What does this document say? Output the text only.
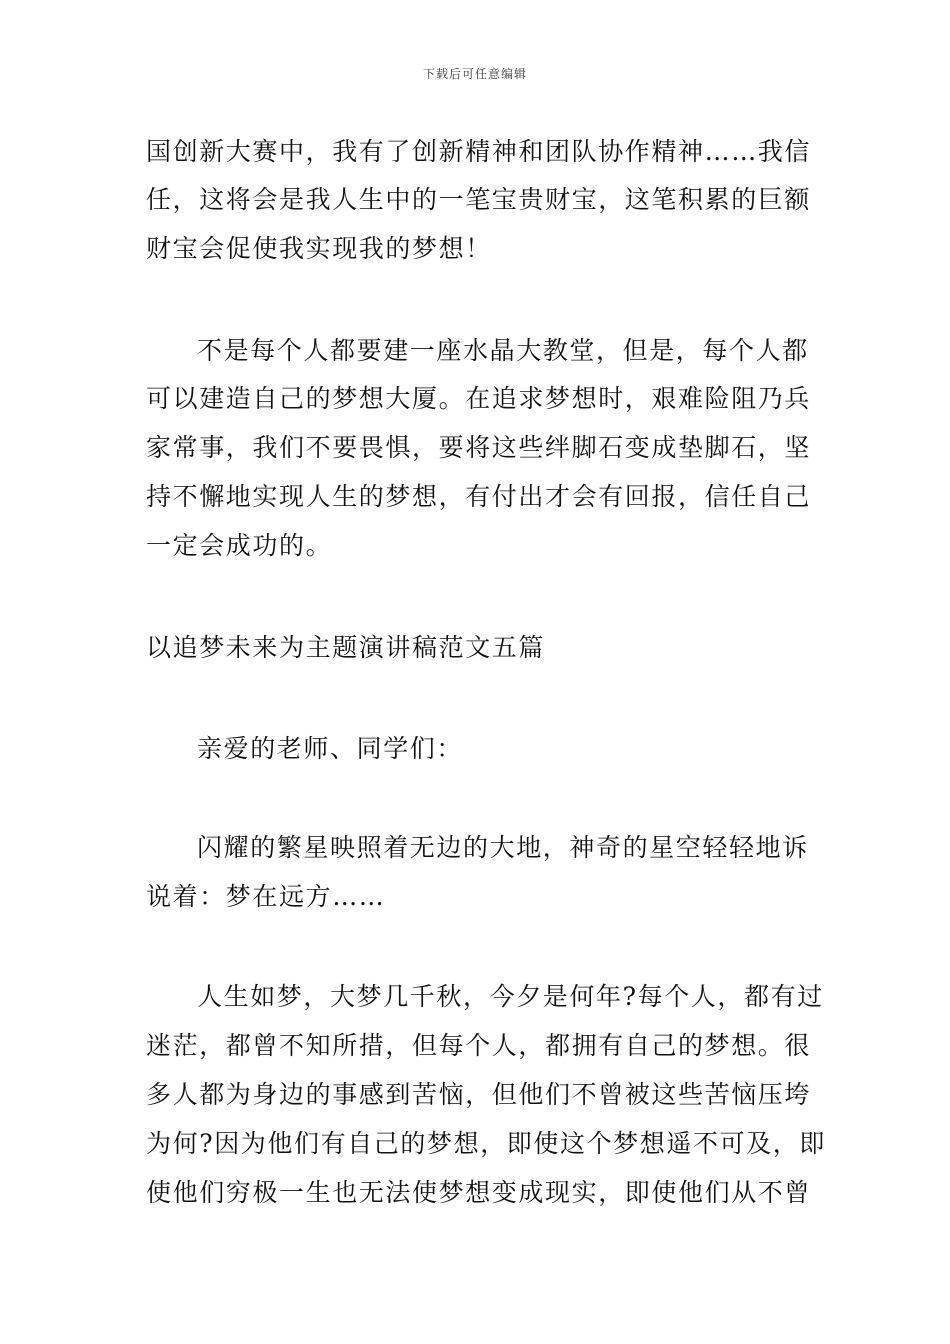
下载后可任意编辑
国创新大赛中，我有了创新精神和团队协作精神……我信
任，这将会是我人生中的一笔宝贵财宝，这笔积累的巨额
财宝会促使我实现我的梦想！
不是每个人都要建一座水晶大教堂，但是，每个人都
可以建造自己的梦想大厦。在追求梦想时，艰难险阻乃兵
家常事，我们不要畏惧，要将这些绊脚石变成垫脚石，坚
持不懈地实现人生的梦想，有付出才会有回报，信任自己
一定会成功的。
以追梦未来为主题演讲稿范文五篇
亲爱的老师、同学们：
闪耀的繁星映照着无边的大地，神奇的星空轻轻地诉
说着：梦在远方……
人生如梦，大梦几千秋，今夕是何年?每个人，都有过
迷茫，都曾不知所措，但每个人，都拥有自己的梦想。很
多人都为身边的事感到苦恼，但他们不曾被这些苦恼压垮
为何?因为他们有自己的梦想，即使这个梦想遥不可及，即
使他们穷极一生也无法使梦想变成现实，即使他们从不曾
